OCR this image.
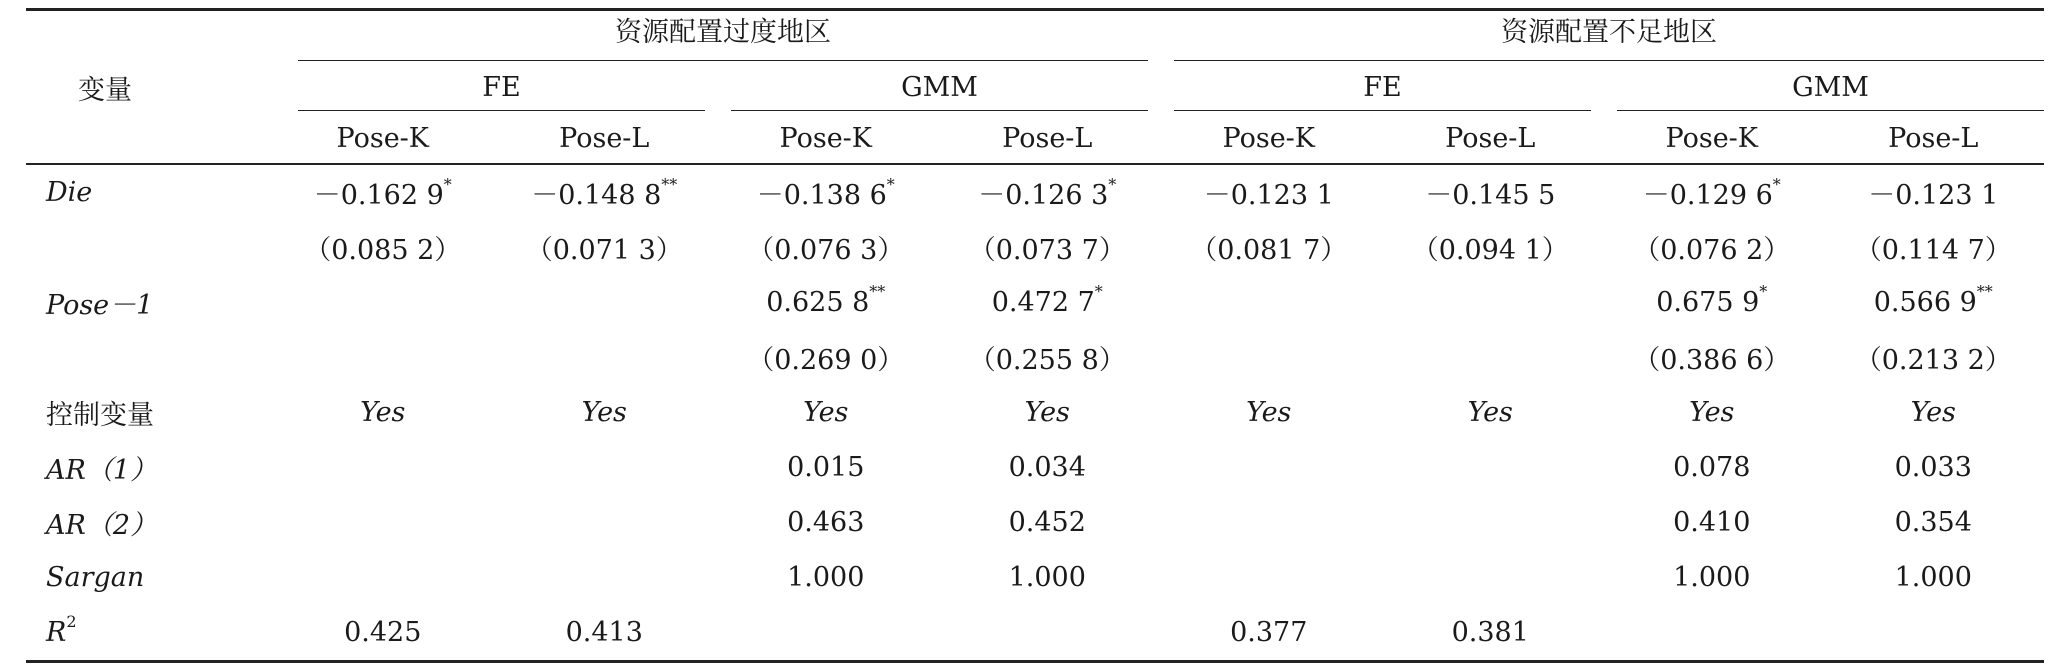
变量	资源配置过度地区				资源配置不足地区			

	FE		GMM		FE		GMM	

	Pose-K	Pose-L	Pose-K	Pose-L	Pose-K	Pose-L	Pose-K	Pose-L
Die	－0.162 9*	－0.148 8**	－0.138 6*	－0.126 3*	－0.123 1	－0.145 5	－0.129 6*	－0.123 1
	（0.085 2）	（0.071 3）	（0.076 3）	（0.073 7）	（0.081 7）	（0.094 1）	（0.076 2）	（0.114 7）
Pose－1			0.625 8**	0.472 7*			0.675 9*	0.566 9**
			（0.269 0）	（0.255 8）			（0.386 6）	（0.213 2）
控制变量	Yes	Yes	Yes	Yes	Yes	Yes	Yes	Yes
AR（1）			0.015	0.034			0.078	0.033
AR（2）			0.463	0.452			0.410	0.354
Sargan			1.000	1.000			1.000	1.000
$R^2$	0.425	0.413			0.377	0.381		
